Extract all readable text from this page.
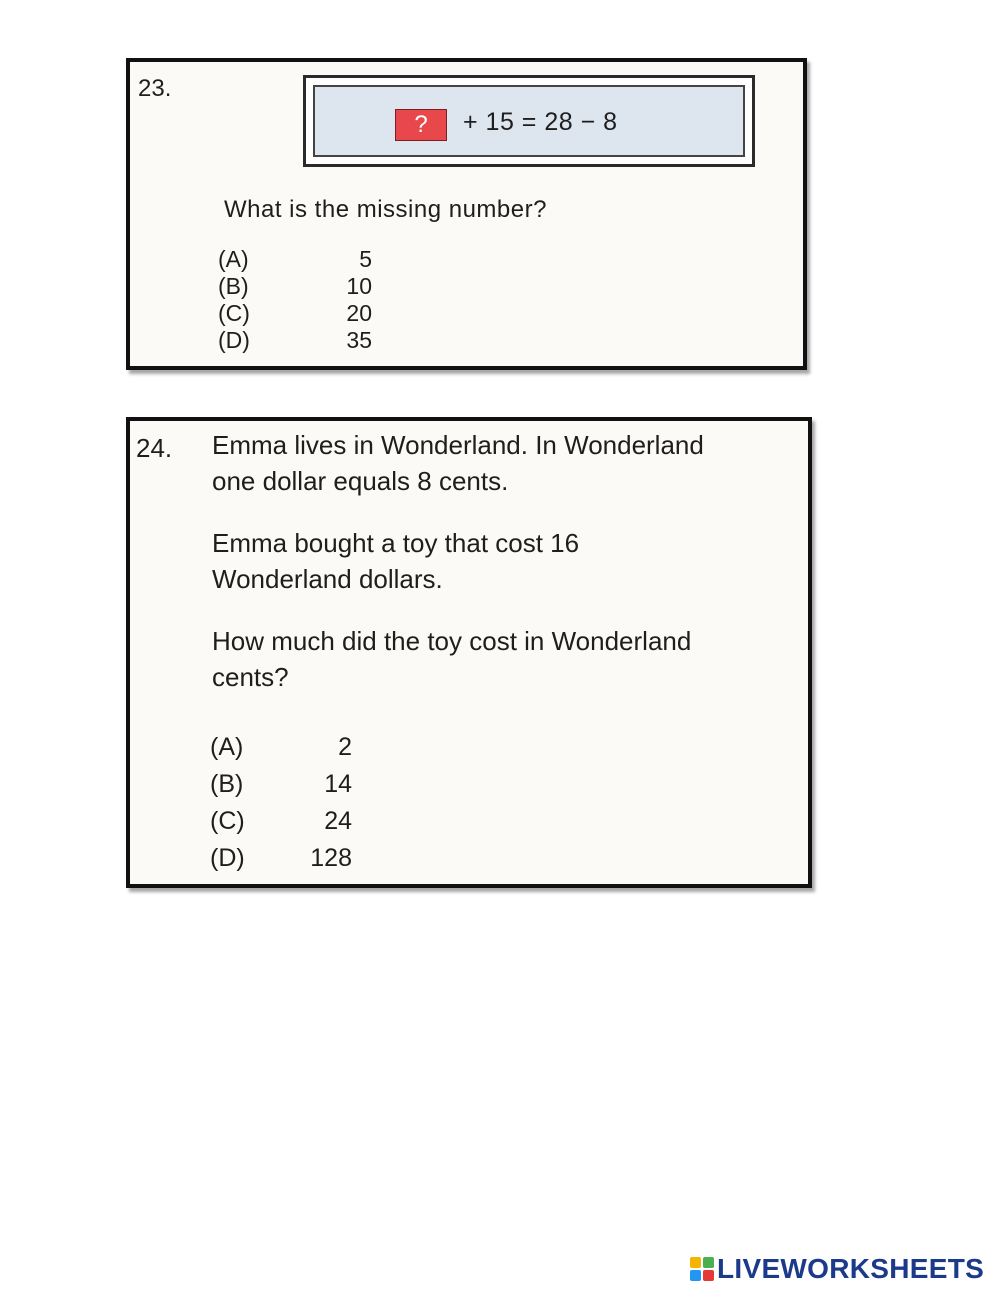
23.
?	+ 15 = 28 − 8
What is the missing number?
(A)	5
(B)	10
(C)	20
(D)	35
24. Emma lives in Wonderland. In Wonderland
one dollar equals 8 cents.
Emma bought a toy that cost 16
Wonderland dollars.
How much did the toy cost in Wonderland
cents?
(A)	2
(B)	14
(C)	24
(D)	128
LIVEWORKSHEETS
